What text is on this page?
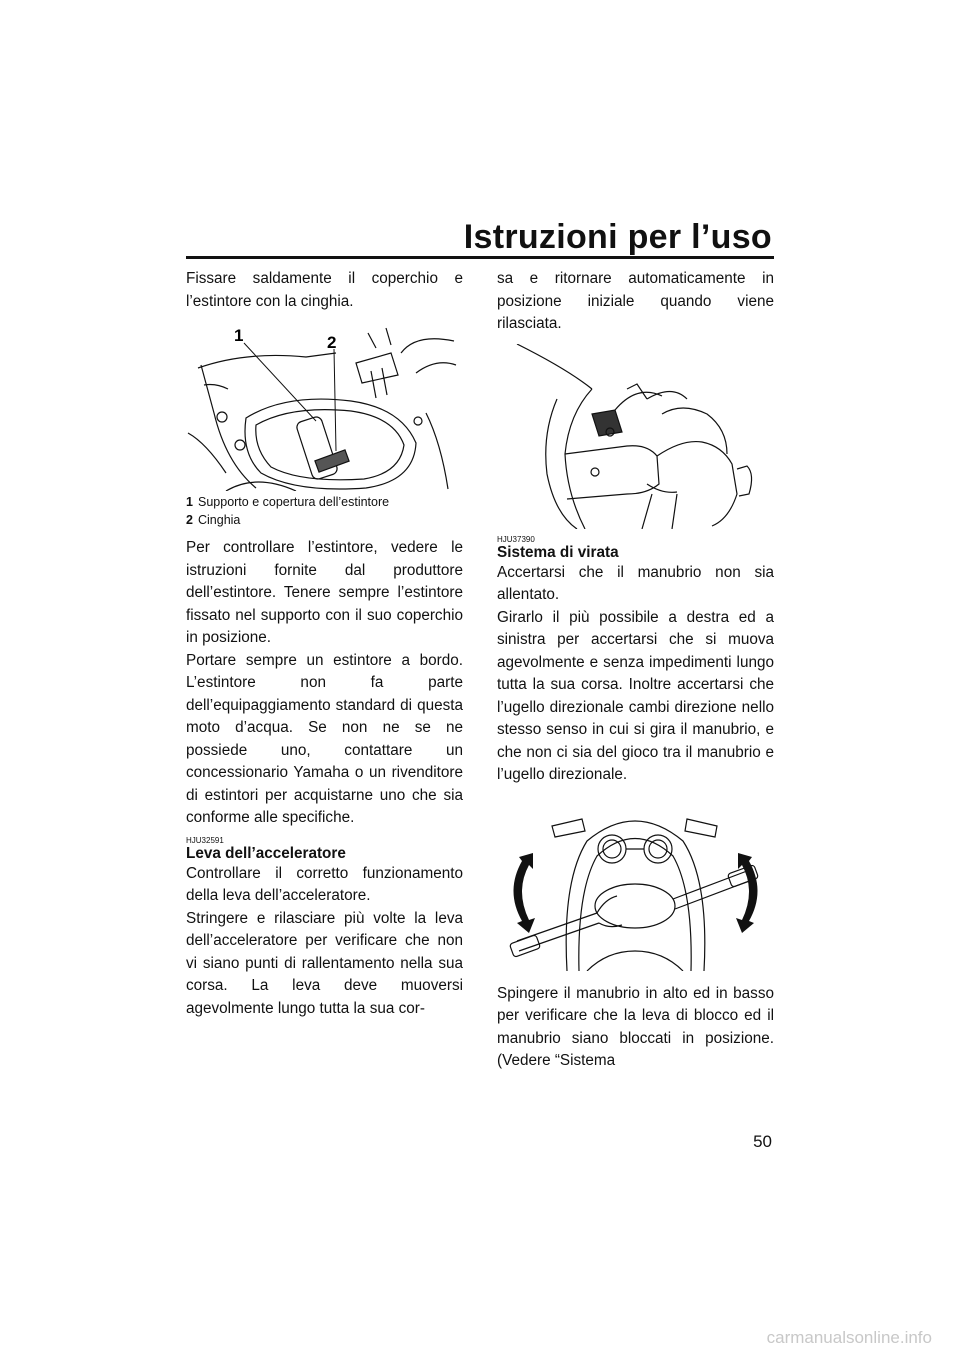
Istruzioni per l’uso

Fissare saldamente il coperchio e l’estintore con la cinghia.

1	2
1 Supporto e copertura dell’estintore
2 Cinghia

Per controllare l’estintore, vedere le istruzioni fornite dal produttore dell’estintore. Tenere sempre l’estintore fissato nel supporto con il suo coperchio in posizione.

Portare sempre un estintore a bordo. L’estintore non fa parte dell’equipaggiamento standard di questa moto d’acqua. Se non ne se ne possiede uno, contattare un concessionario Yamaha o un rivenditore di estintori per acquistarne uno che sia conforme alle specifiche.

HJU32591
Leva dell’acceleratore

Controllare il corretto funzionamento della leva dell’acceleratore.

Stringere e rilasciare più volte la leva dell’acceleratore per verificare che non vi siano punti di rallentamento nella sua corsa. La leva deve muoversi agevolmente lungo tutta la sua cor-

sa e ritornare automaticamente in posizione iniziale quando viene rilasciata.

HJU37390
Sistema di virata

Accertarsi che il manubrio non sia allentato.

Girarlo il più possibile a destra ed a sinistra per accertarsi che si muova agevolmente e senza impedimenti lungo tutta la sua corsa. Inoltre accertarsi che l’ugello direzionale cambi direzione nello stesso senso in cui si gira il manubrio, e che non ci sia del gioco tra il manubrio e l’ugello direzionale.

Spingere il manubrio in alto ed in basso per verificare che la leva di blocco ed il manubrio siano bloccati in posizione. (Vedere “Sistema

50
carmanualsonline.info
